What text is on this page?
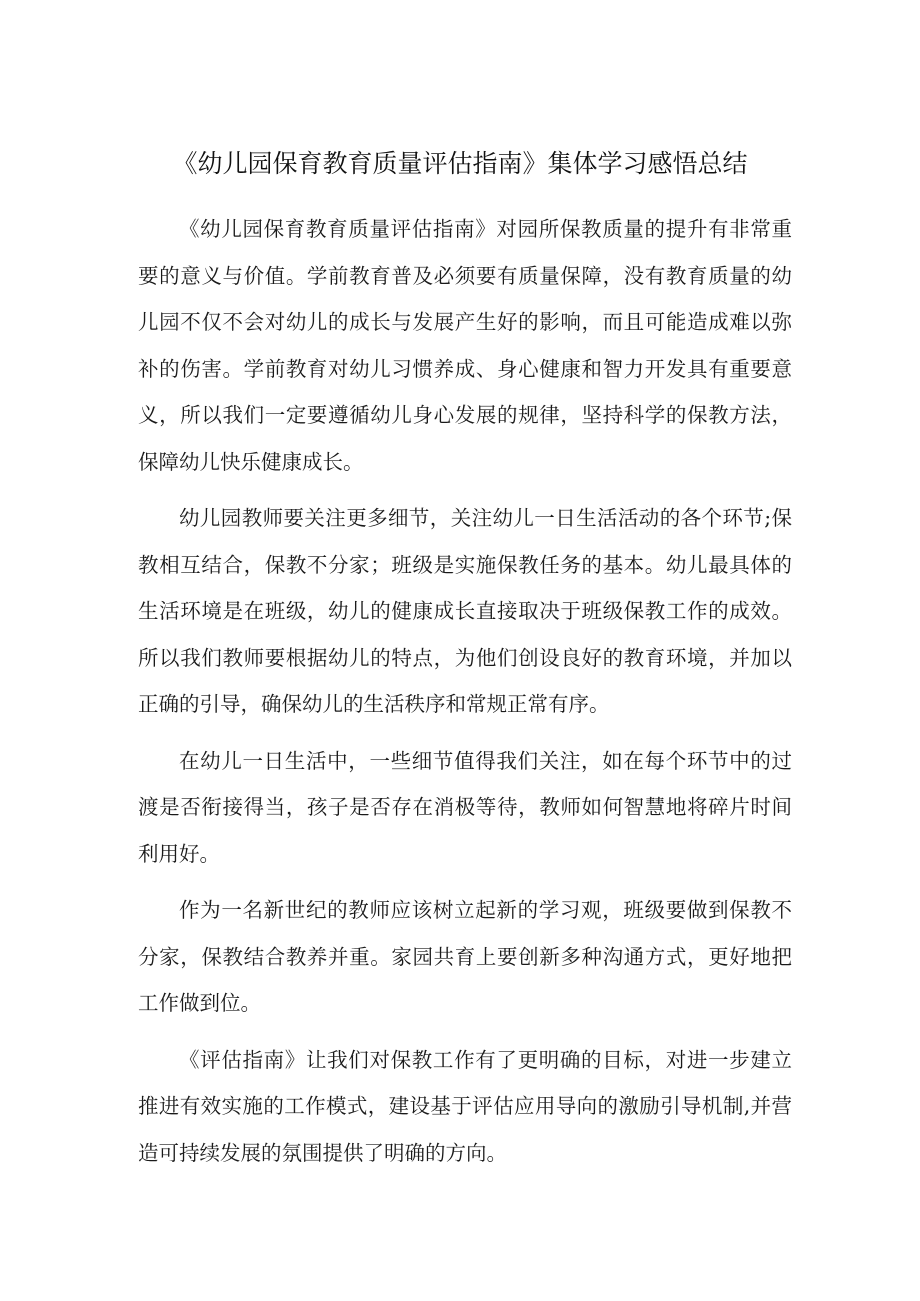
《幼儿园保育教育质量评估指南》集体学习感悟总结

《幼儿园保育教育质量评估指南》对园所保教质量的提升有非常重要的意义与价值。学前教育普及必须要有质量保障，没有教育质量的幼儿园不仅不会对幼儿的成长与发展产生好的影响，而且可能造成难以弥补的伤害。学前教育对幼儿习惯养成、身心健康和智力开发具有重要意义，所以我们一定要遵循幼儿身心发展的规律，坚持科学的保教方法，保障幼儿快乐健康成长。

幼儿园教师要关注更多细节，关注幼儿一日生活活动的各个环节;保教相互结合，保教不分家；班级是实施保教任务的基本。幼儿最具体的生活环境是在班级，幼儿的健康成长直接取决于班级保教工作的成效。所以我们教师要根据幼儿的特点，为他们创设良好的教育环境，并加以正确的引导，确保幼儿的生活秩序和常规正常有序。

在幼儿一日生活中，一些细节值得我们关注，如在每个环节中的过渡是否衔接得当，孩子是否存在消极等待，教师如何智慧地将碎片时间利用好。

作为一名新世纪的教师应该树立起新的学习观，班级要做到保教不分家，保教结合教养并重。家园共育上要创新多种沟通方式，更好地把工作做到位。

《评估指南》让我们对保教工作有了更明确的目标，对进一步建立推进有效实施的工作模式，建设基于评估应用导向的激励引导机制,并营造可持续发展的氛围提供了明确的方向。
